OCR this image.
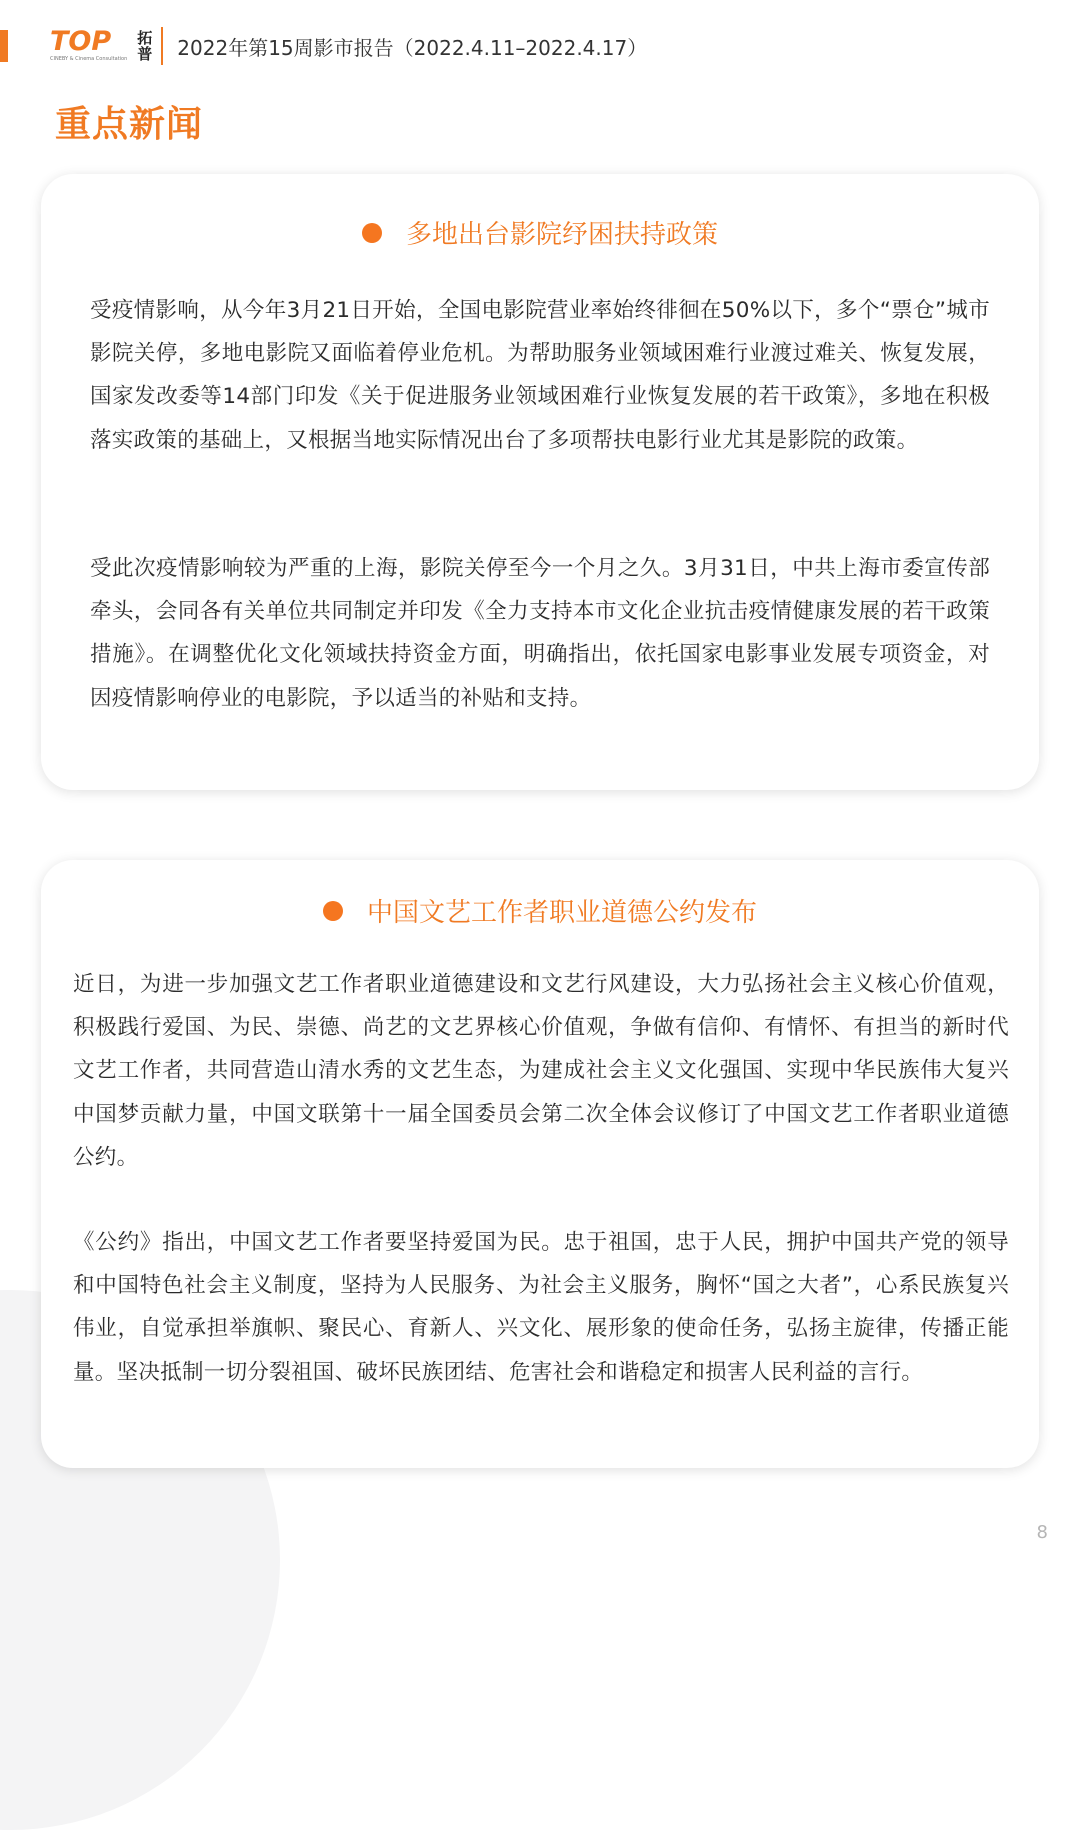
TOP
CINEBY & Cinema Consultation
拓普 2022年第15周影市报告（2022.4.11–2022.4.17）
重点新闻
多地出台影院纾困扶持政策
受疫情影响，从今年3月21日开始，全国电影院营业率始终徘徊在50%以下，多个“票仓”城市影院关停，多地电影院又面临着停业危机。为帮助服务业领域困难行业渡过难关、恢复发展，国家发改委等14部门印发《关于促进服务业领域困难行业恢复发展的若干政策》，多地在积极落实政策的基础上，又根据当地实际情况出台了多项帮扶电影行业尤其是影院的政策。
受此次疫情影响较为严重的上海，影院关停至今一个月之久。3月31日，中共上海市委宣传部牵头，会同各有关单位共同制定并印发《全力支持本市文化企业抗击疫情健康发展的若干政策措施》。在调整优化文化领域扶持资金方面，明确指出，依托国家电影事业发展专项资金，对因疫情影响停业的电影院，予以适当的补贴和支持。
中国文艺工作者职业道德公约发布
近日，为进一步加强文艺工作者职业道德建设和文艺行风建设，大力弘扬社会主义核心价值观，积极践行爱国、为民、崇德、尚艺的文艺界核心价值观，争做有信仰、有情怀、有担当的新时代文艺工作者，共同营造山清水秀的文艺生态，为建成社会主义文化强国、实现中华民族伟大复兴中国梦贡献力量，中国文联第十一届全国委员会第二次全体会议修订了中国文艺工作者职业道德公约。
《公约》指出，中国文艺工作者要坚持爱国为民。忠于祖国，忠于人民，拥护中国共产党的领导和中国特色社会主义制度，坚持为人民服务、为社会主义服务，胸怀“国之大者”，心系民族复兴伟业，自觉承担举旗帜、聚民心、育新人、兴文化、展形象的使命任务，弘扬主旋律，传播正能量。坚决抵制一切分裂祖国、破坏民族团结、危害社会和谐稳定和损害人民利益的言行。
8
